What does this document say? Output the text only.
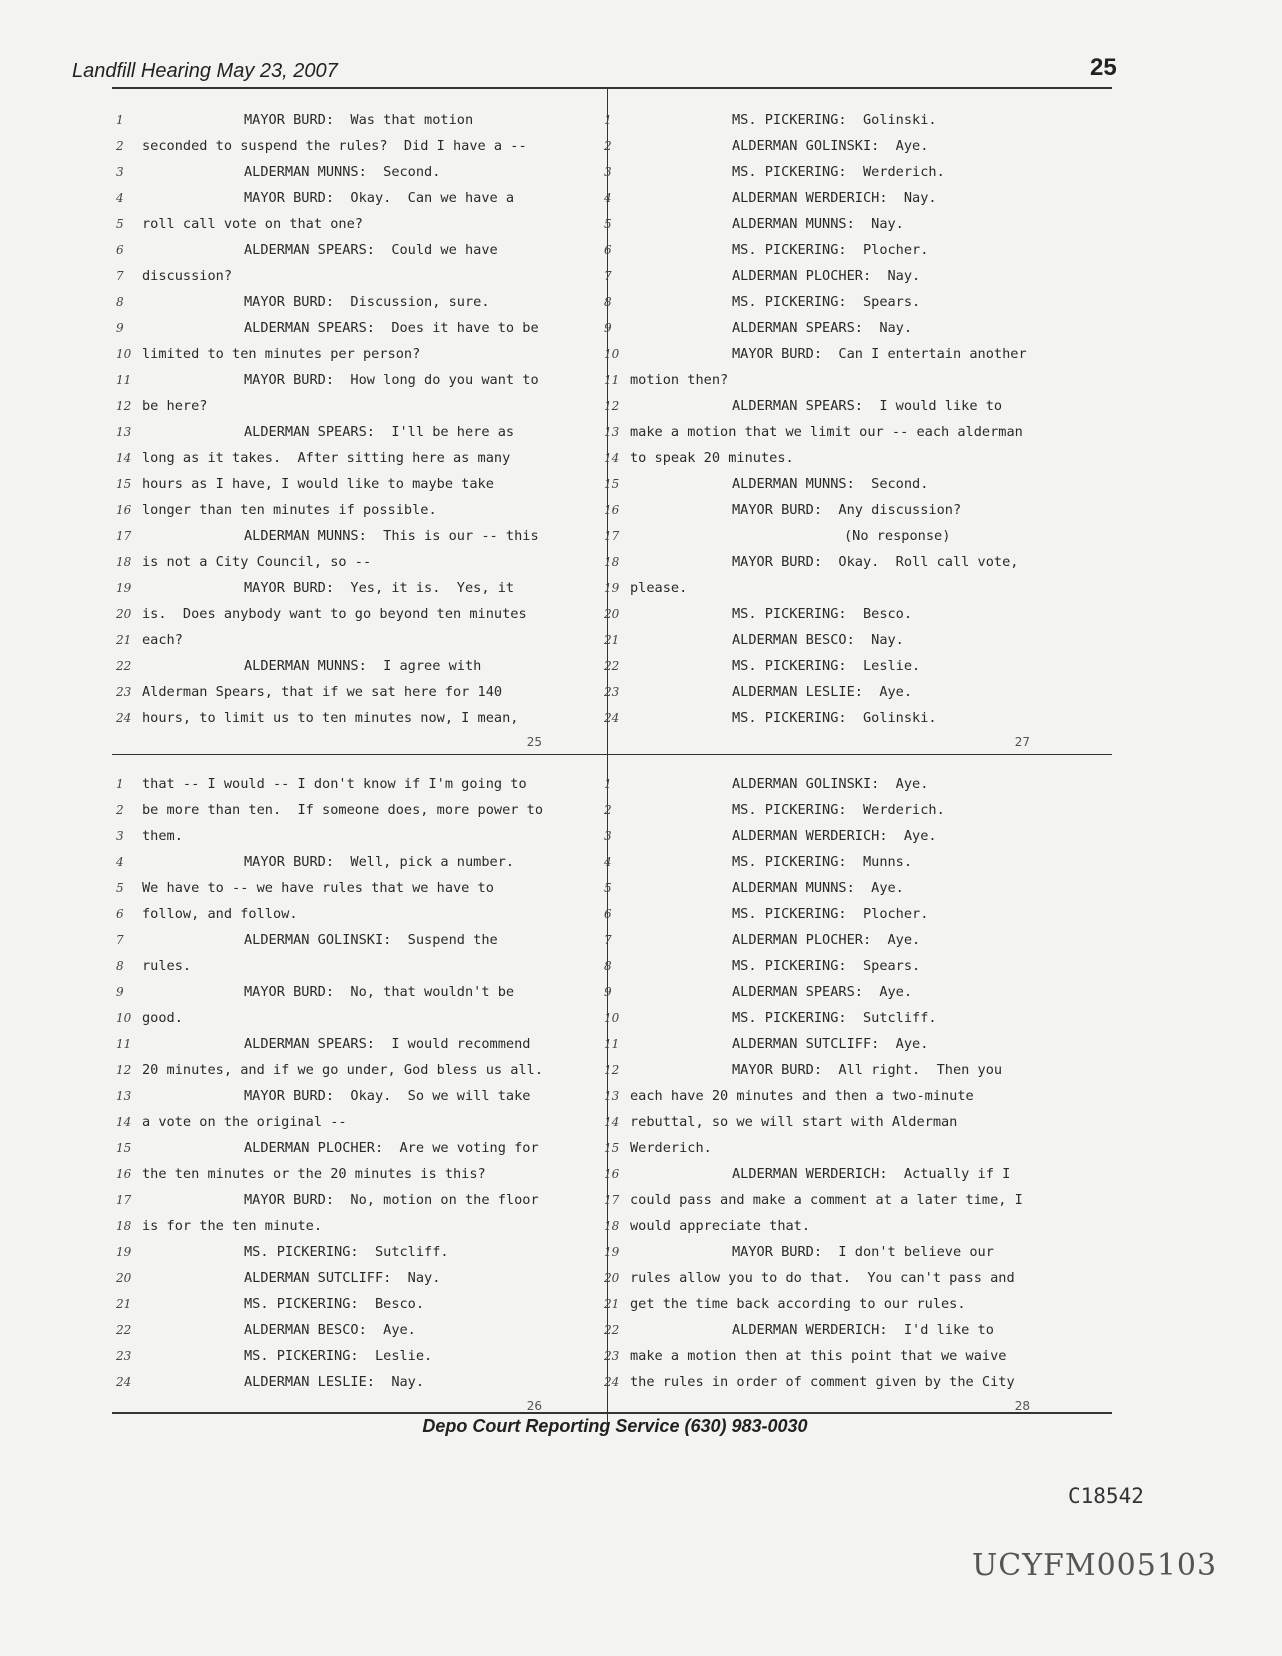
Landfill Hearing May 23, 2007	25
1	MAYOR BURD:  Was that motion
2	seconded to suspend the rules?  Did I have a --
3	ALDERMAN MUNNS:  Second.
4	MAYOR BURD:  Okay.  Can we have a
5	roll call vote on that one?
6	ALDERMAN SPEARS:  Could we have
7	discussion?
8	MAYOR BURD:  Discussion, sure.
9	ALDERMAN SPEARS:  Does it have to be
10 limited to ten minutes per person?
11	MAYOR BURD:  How long do you want to
12 be here?
13	ALDERMAN SPEARS:  I'll be here as
14 long as it takes.  After sitting here as many
15 hours as I have, I would like to maybe take
16 longer than ten minutes if possible.
17	ALDERMAN MUNNS:  This is our -- this
18 is not a City Council, so --
19	MAYOR BURD:  Yes, it is.  Yes, it
20 is.  Does anybody want to go beyond ten minutes
21 each?
22	ALDERMAN MUNNS:  I agree with
23 Alderman Spears, that if we sat here for 140
24 hours, to limit us to ten minutes now, I mean,
25
1	MS. PICKERING:  Golinski.
2	ALDERMAN GOLINSKI:  Aye.
3	MS. PICKERING:  Werderich.
4	ALDERMAN WERDERICH:  Nay.
5	ALDERMAN MUNNS:  Nay.
6	MS. PICKERING:  Plocher.
7	ALDERMAN PLOCHER:  Nay.
8	MS. PICKERING:  Spears.
9	ALDERMAN SPEARS:  Nay.
10	MAYOR BURD:  Can I entertain another
11 motion then?
12	ALDERMAN SPEARS:  I would like to
13 make a motion that we limit our -- each alderman
14 to speak 20 minutes.
15	ALDERMAN MUNNS:  Second.
16	MAYOR BURD:  Any discussion?
17	(No response)
18	MAYOR BURD:  Okay.  Roll call vote,
19 please.
20	MS. PICKERING:  Besco.
21	ALDERMAN BESCO:  Nay.
22	MS. PICKERING:  Leslie.
23	ALDERMAN LESLIE:  Aye.
24	MS. PICKERING:  Golinski.
27
1	that -- I would -- I don't know if I'm going to
2	be more than ten.  If someone does, more power to
3	them.
4	MAYOR BURD:  Well, pick a number.
5	We have to -- we have rules that we have to
6	follow, and follow.
7	ALDERMAN GOLINSKI:  Suspend the
8	rules.
9	MAYOR BURD:  No, that wouldn't be
10 good.
11	ALDERMAN SPEARS:  I would recommend
12 20 minutes, and if we go under, God bless us all.
13	MAYOR BURD:  Okay.  So we will take
14 a vote on the original --
15	ALDERMAN PLOCHER:  Are we voting for
16 the ten minutes or the 20 minutes is this?
17	MAYOR BURD:  No, motion on the floor
18 is for the ten minute.
19	MS. PICKERING:  Sutcliff.
20	ALDERMAN SUTCLIFF:  Nay.
21	MS. PICKERING:  Besco.
22	ALDERMAN BESCO:  Aye.
23	MS. PICKERING:  Leslie.
24	ALDERMAN LESLIE:  Nay.
26
1	ALDERMAN GOLINSKI:  Aye.
2	MS. PICKERING:  Werderich.
3	ALDERMAN WERDERICH:  Aye.
4	MS. PICKERING:  Munns.
5	ALDERMAN MUNNS:  Aye.
6	MS. PICKERING:  Plocher.
7	ALDERMAN PLOCHER:  Aye.
8	MS. PICKERING:  Spears.
9	ALDERMAN SPEARS:  Aye.
10	MS. PICKERING:  Sutcliff.
11	ALDERMAN SUTCLIFF:  Aye.
12	MAYOR BURD:  All right.  Then you
13 each have 20 minutes and then a two-minute
14 rebuttal, so we will start with Alderman
15 Werderich.
16	ALDERMAN WERDERICH:  Actually if I
17 could pass and make a comment at a later time, I
18 would appreciate that.
19	MAYOR BURD:  I don't believe our
20 rules allow you to do that.  You can't pass and
21 get the time back according to our rules.
22	ALDERMAN WERDERICH:  I'd like to
23 make a motion then at this point that we waive
24 the rules in order of comment given by the City
28
Depo Court Reporting Service (630) 983-0030
C18542
UCYFM005103
